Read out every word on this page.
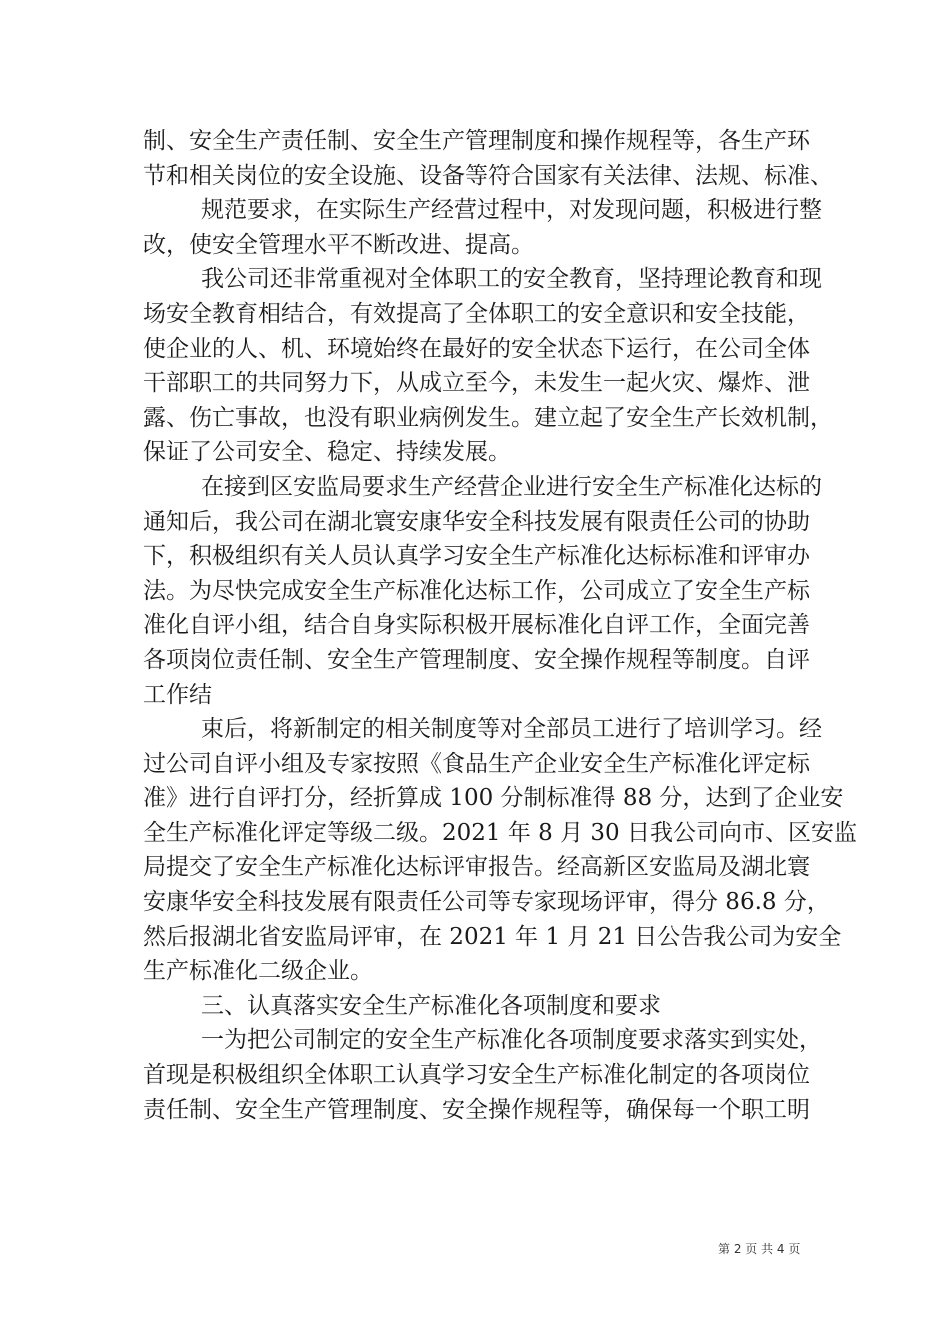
制、安全生产责任制、安全生产管理制度和操作规程等，各生产环
节和相关岗位的安全设施、设备等符合国家有关法律、法规、标准、
规范要求，在实际生产经营过程中，对发现问题，积极进行整
改，使安全管理水平不断改进、提高。
我公司还非常重视对全体职工的安全教育，坚持理论教育和现
场安全教育相结合，有效提高了全体职工的安全意识和安全技能，
使企业的人、机、环境始终在最好的安全状态下运行，在公司全体
干部职工的共同努力下，从成立至今，未发生一起火灾、爆炸、泄
露、伤亡事故，也没有职业病例发生。建立起了安全生产长效机制，
保证了公司安全、稳定、持续发展。
在接到区安监局要求生产经营企业进行安全生产标准化达标的
通知后，我公司在湖北寰安康华安全科技发展有限责任公司的协助
下，积极组织有关人员认真学习安全生产标准化达标标准和评审办
法。为尽快完成安全生产标准化达标工作，公司成立了安全生产标
准化自评小组，结合自身实际积极开展标准化自评工作，全面完善
各项岗位责任制、安全生产管理制度、安全操作规程等制度。自评
工作结
束后，将新制定的相关制度等对全部员工进行了培训学习。经
过公司自评小组及专家按照《食品生产企业安全生产标准化评定标
准》进行自评打分，经折算成 100 分制标准得 88 分，达到了企业安
全生产标准化评定等级二级。2021 年 8 月 30 日我公司向市、区安监
局提交了安全生产标准化达标评审报告。经高新区安监局及湖北寰
安康华安全科技发展有限责任公司等专家现场评审，得分 86.8 分，
然后报湖北省安监局评审，在 2021 年 1 月 21 日公告我公司为安全
生产标准化二级企业。
三、认真落实安全生产标准化各项制度和要求
一为把公司制定的安全生产标准化各项制度要求落实到实处，
首现是积极组织全体职工认真学习安全生产标准化制定的各项岗位
责任制、安全生产管理制度、安全操作规程等，确保每一个职工明
第 2 页 共 4 页
